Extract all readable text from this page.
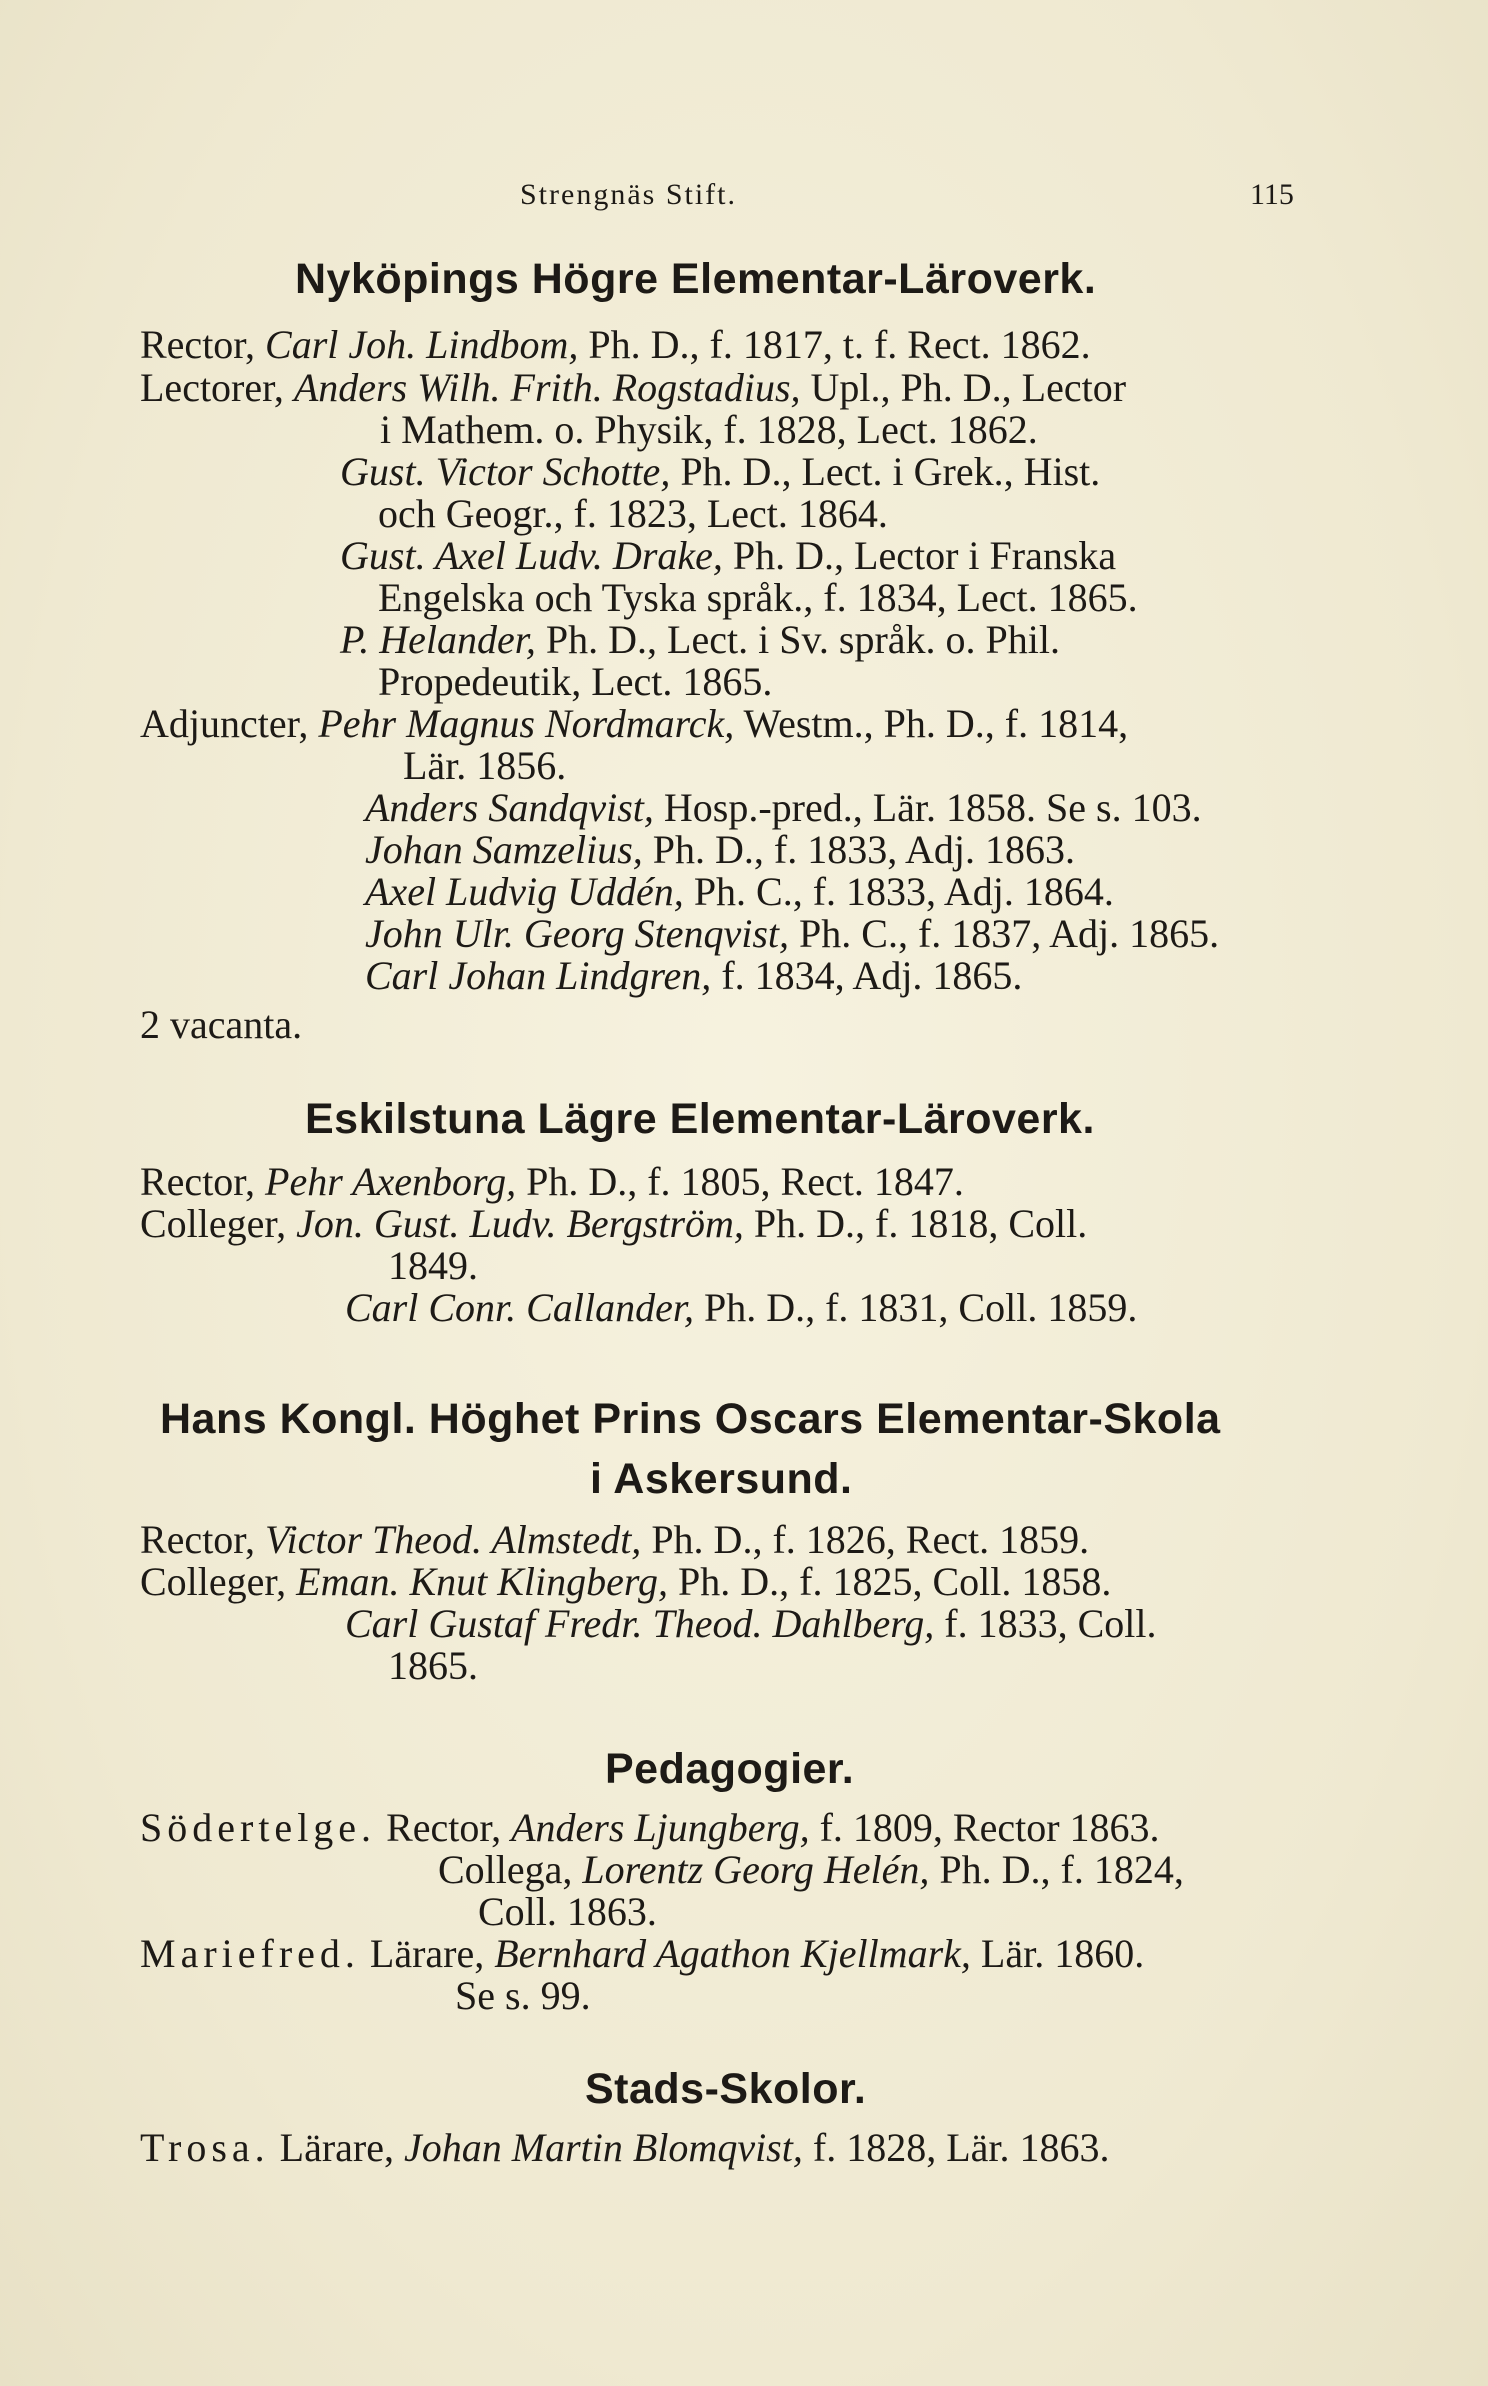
Strengnäs Stift.	115
Nyköpings Högre Elementar-Läroverk.
Rector, Carl Joh. Lindbom, Ph. D., f. 1817, t. f. Rect. 1862.
Lectorer, Anders Wilh. Frith. Rogstadius, Upl., Ph. D., Lector
i Mathem. o. Physik, f. 1828, Lect. 1862.
Gust. Victor Schotte, Ph. D., Lect. i Grek., Hist.
och Geogr., f. 1823, Lect. 1864.
Gust. Axel Ludv. Drake, Ph. D., Lector i Franska
Engelska och Tyska språk., f. 1834, Lect. 1865.
P. Helander, Ph. D., Lect. i Sv. språk. o. Phil.
Propedeutik, Lect. 1865.
Adjuncter, Pehr Magnus Nordmarck, Westm., Ph. D., f. 1814,
Lär. 1856.
Anders Sandqvist, Hosp.-pred., Lär. 1858. Se s. 103.
Johan Samzelius, Ph. D., f. 1833, Adj. 1863.
Axel Ludvig Uddén, Ph. C., f. 1833, Adj. 1864.
John Ulr. Georg Stenqvist, Ph. C., f. 1837, Adj. 1865.
Carl Johan Lindgren, f. 1834, Adj. 1865.
2 vacanta.
Eskilstuna Lägre Elementar-Läroverk.
Rector, Pehr Axenborg, Ph. D., f. 1805, Rect. 1847.
Colleger, Jon. Gust. Ludv. Bergström, Ph. D., f. 1818, Coll.
1849.
Carl Conr. Callander, Ph. D., f. 1831, Coll. 1859.
Hans Kongl. Höghet Prins Oscars Elementar-Skola
i Askersund.
Rector, Victor Theod. Almstedt, Ph. D., f. 1826, Rect. 1859.
Colleger, Eman. Knut Klingberg, Ph. D., f. 1825, Coll. 1858.
Carl Gustaf Fredr. Theod. Dahlberg, f. 1833, Coll.
1865.
Pedagogier.
Södertelge. Rector, Anders Ljungberg, f. 1809, Rector 1863.
Collega, Lorentz Georg Helén, Ph. D., f. 1824,
Coll. 1863.
Mariefred. Lärare, Bernhard Agathon Kjellmark, Lär. 1860.
Se s. 99.
Stads-Skolor.
Trosa. Lärare, Johan Martin Blomqvist, f. 1828, Lär. 1863.
